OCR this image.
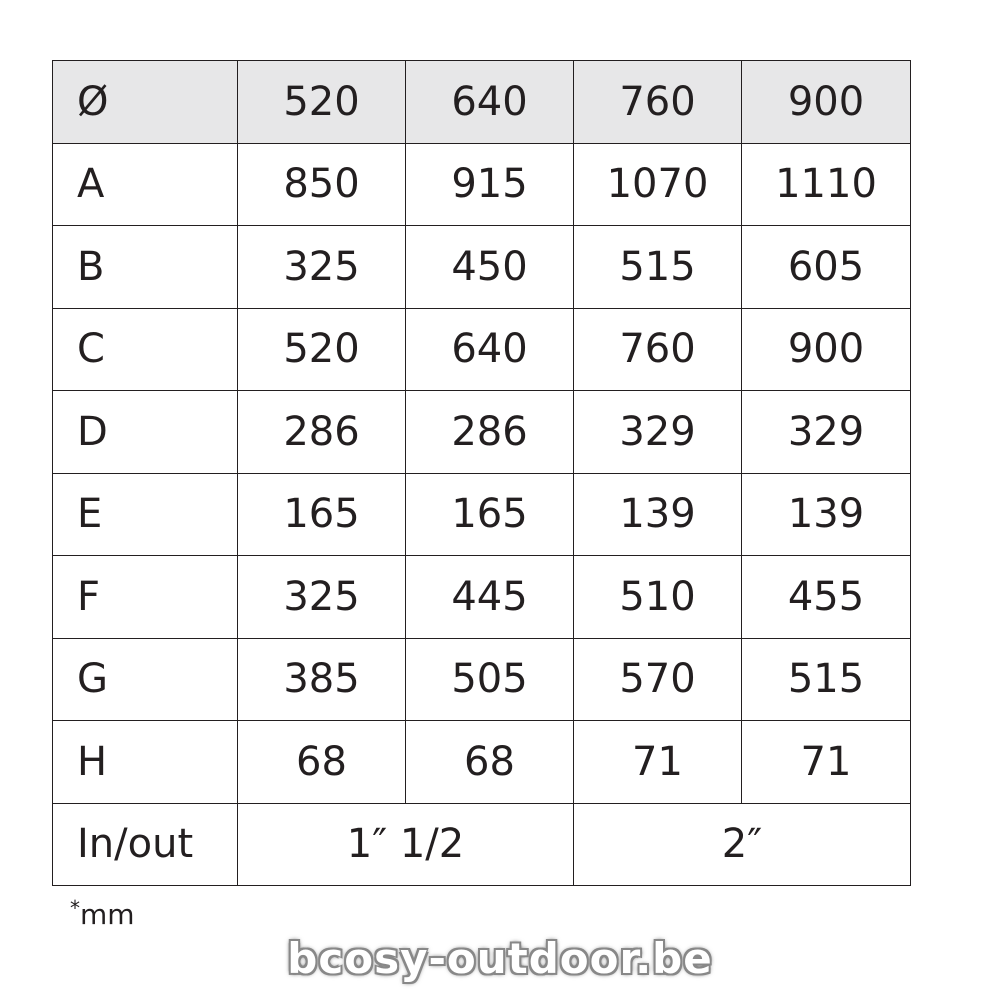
Ø	520	640	760	900
A	850	915	1070	1110
B	325	450	515	605
C	520	640	760	900
D	286	286	329	329
E	165	165	139	139
F	325	445	510	455
G	385	505	570	515
H	68	68	71	71
In/out	1″ 1/2		2″	
*mm
bcosy-outdoor.be
